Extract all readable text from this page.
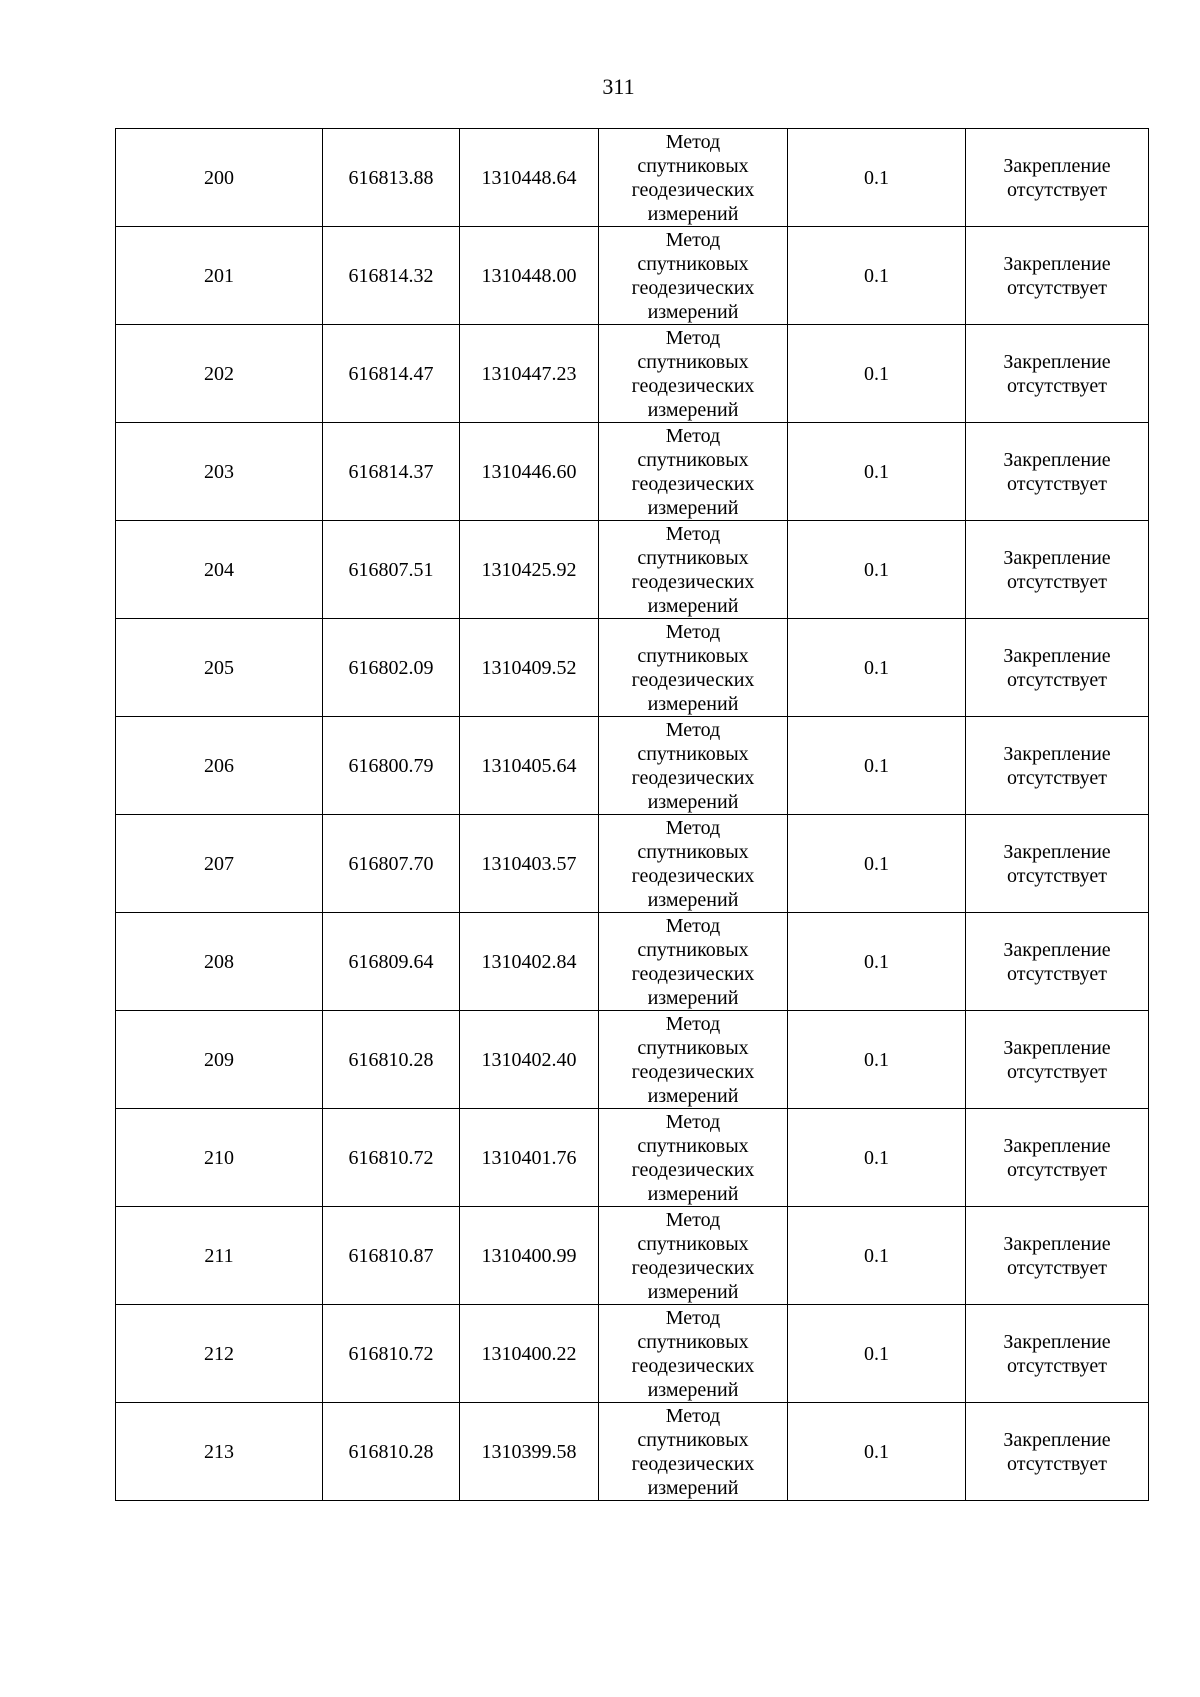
311
200	616813.88	1310448.64	Метод
спутниковых
геодезических
измерений	0.1	Закрепление
отсутствует

201	616814.32	1310448.00	Метод
спутниковых
геодезических
измерений	0.1	Закрепление
отсутствует

202	616814.47	1310447.23	Метод
спутниковых
геодезических
измерений	0.1	Закрепление
отсутствует

203	616814.37	1310446.60	Метод
спутниковых
геодезических
измерений	0.1	Закрепление
отсутствует

204	616807.51	1310425.92	Метод
спутниковых
геодезических
измерений	0.1	Закрепление
отсутствует

205	616802.09	1310409.52	Метод
спутниковых
геодезических
измерений	0.1	Закрепление
отсутствует

206	616800.79	1310405.64	Метод
спутниковых
геодезических
измерений	0.1	Закрепление
отсутствует

207	616807.70	1310403.57	Метод
спутниковых
геодезических
измерений	0.1	Закрепление
отсутствует

208	616809.64	1310402.84	Метод
спутниковых
геодезических
измерений	0.1	Закрепление
отсутствует

209	616810.28	1310402.40	Метод
спутниковых
геодезических
измерений	0.1	Закрепление
отсутствует

210	616810.72	1310401.76	Метод
спутниковых
геодезических
измерений	0.1	Закрепление
отсутствует

211	616810.87	1310400.99	Метод
спутниковых
геодезических
измерений	0.1	Закрепление
отсутствует

212	616810.72	1310400.22	Метод
спутниковых
геодезических
измерений	0.1	Закрепление
отсутствует

213	616810.28	1310399.58	Метод
спутниковых
геодезических
измерений	0.1	Закрепление
отсутствует
